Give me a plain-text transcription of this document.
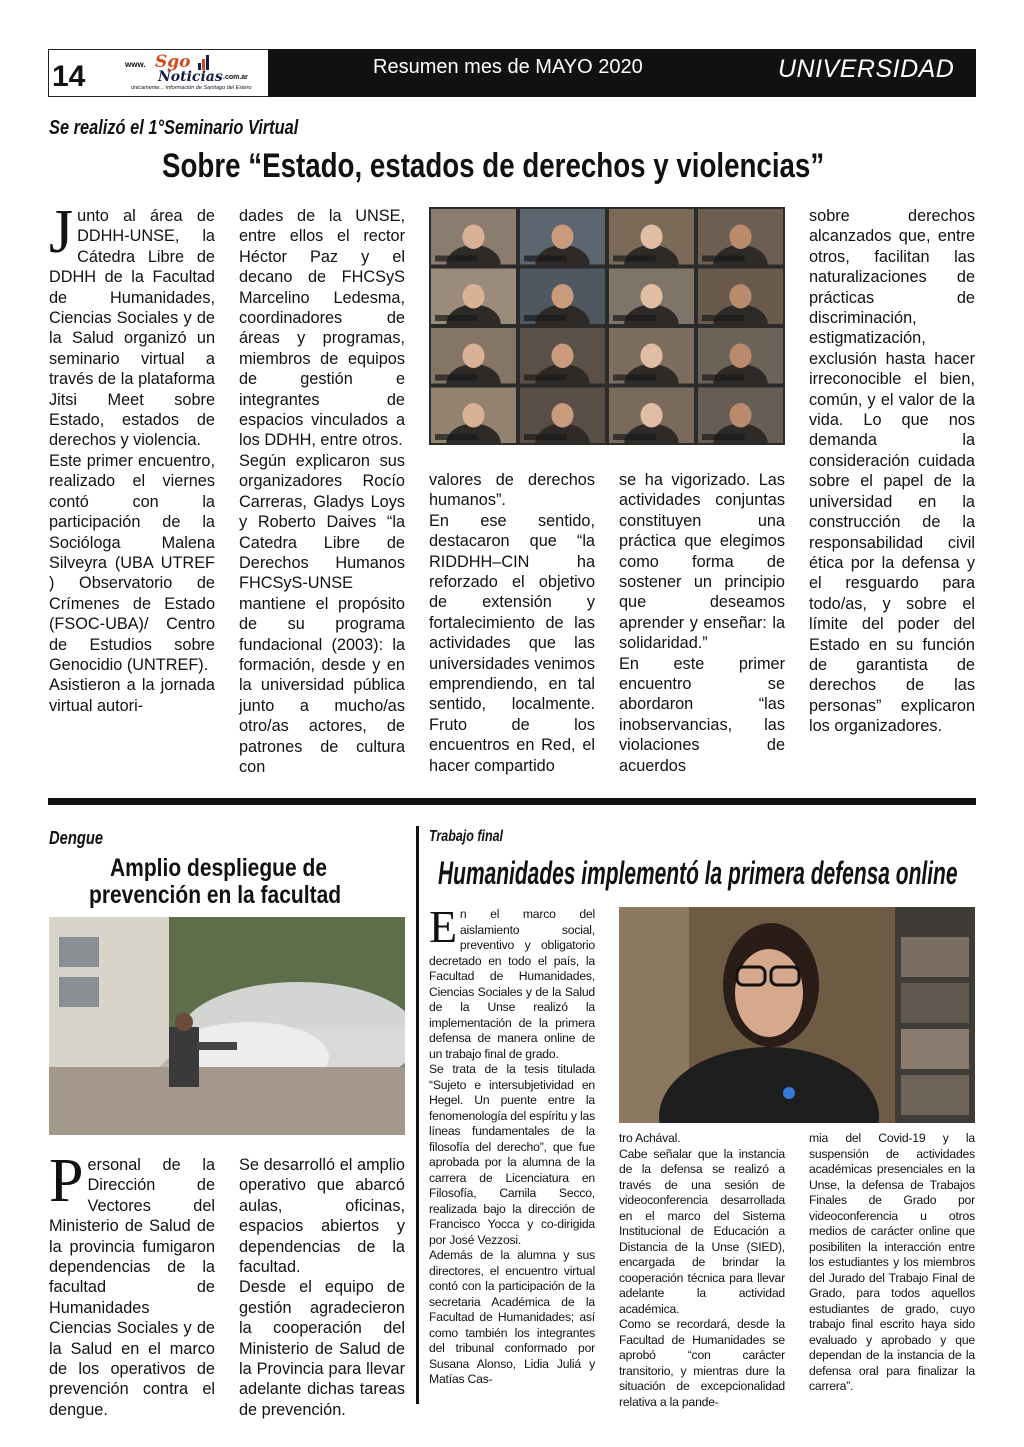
14	www. Sgo
Noticias .com.ar
únicamente... Información de Santiago del Estero
Resumen mes de MAYO 2020	UNIVERSIDAD
Se realizó el 1°Seminario Virtual
Sobre “Estado, estados de derechos y violencias”
J unto al área de DDHH-UNSE, la Cátedra Libre de DDHH de la Facultad de Humanidades, Ciencias Sociales y de la Salud organizó un seminario virtual a través de la plataforma Jitsi Meet sobre Estado, estados de derechos y violencia.

Este primer encuentro, realizado el viernes contó con la participación de la Socióloga Malena Silveyra (UBA UTREF ) Observatorio de Crímenes de Estado (FSOC-UBA)/ Centro de Estudios sobre Genocidio (UNTREF).

Asistieron a la jornada virtual autori-

dades de la UNSE, entre ellos el rector Héctor Paz y el decano de FHCSyS Marcelino Ledesma, coordinadores de áreas y programas, miembros de equipos de gestión e integrantes de espacios vinculados a los DDHH, entre otros.

Según explicaron sus organizadores Rocío Carreras, Gladys Loys y Roberto Daives “la Catedra Libre de Derechos Humanos FHCSyS-UNSE mantiene el propósito de su programa fundacional (2003): la formación, desde y en la universidad pública junto a mucho/as otro/as actores, de patrones de cultura con

valores de derechos humanos”.

En ese sentido, destacaron que “la RIDDHH–CIN ha reforzado el objetivo de extensión y fortalecimiento de las actividades que las universidades venimos emprendiendo, en tal sentido, localmente. Fruto de los encuentros en Red, el hacer compartido

se ha vigorizado. Las actividades conjuntas constituyen una práctica que elegimos como forma de sostener un principio que deseamos aprender y enseñar: la solidaridad.”

En este primer encuentro se abordaron “las inobservancias, las violaciones de acuerdos

sobre derechos alcanzados que, entre otros, facilitan las naturalizaciones de prácticas de discriminación, estigmatización, exclusión hasta hacer irreconocible el bien, común, y el valor de la vida. Lo que nos demanda la consideración cuidada sobre el papel de la universidad en la construcción de la responsabilidad civil ética por la defensa y el resguardo para todo/as, y sobre el límite del poder del Estado en su función de garantista de derechos de las personas” explicaron los organizadores.

Dengue
Amplio despliegue de
prevención en la facultad
P ersonal de la Dirección de Vectores del Ministerio de Salud de la provincia fumigaron dependencias de la facultad de Humanidades Ciencias Sociales y de la Salud en el marco de los operativos de prevención contra el dengue.

Se desarrolló el amplio operativo que abarcó aulas, oficinas, espacios abiertos y dependencias de la facultad.

Desde el equipo de gestión agradecieron la cooperación del Ministerio de Salud de la Provincia para llevar adelante dichas tareas de prevención.

Trabajo final
Humanidades implementó la primera defensa online
E n el marco del aislamiento social, preventivo y obligatorio decretado en todo el país, la Facultad de Humanidades, Ciencias Sociales y de la Salud de la Unse realizó la implementación de la primera defensa de manera online de un trabajo final de grado.

Se trata de la tesis titulada “Sujeto e intersubjetividad en Hegel. Un puente entre la fenomenología del espíritu y las líneas fundamentales de la filosofía del derecho”, que fue aprobada por la alumna de la carrera de Licenciatura en Filosofía, Camila Secco, realizada bajo la dirección de Francisco Yocca y co-dirigida por José Vezzosi.

Además de la alumna y sus directores, el encuentro virtual contó con la participación de la secretaria Académica de la Facultad de Humanidades; así como también los integrantes del tribunal conformado por Susana Alonso, Lidia Juliá y Matías Cas-

tro Achával.

Cabe señalar que la instancia de la defensa se realizó a través de una sesión de videoconferencia desarrollada en el marco del Sistema Institucional de Educación a Distancia de la Unse (SIED), encargada de brindar la cooperación técnica para llevar adelante la actividad académica.

Como se recordará, desde la Facultad de Humanidades se aprobó “con carácter transitorio, y mientras dure la situación de excepcionalidad relativa a la pande-

mia del Covid-19 y la suspensión de actividades académicas presenciales en la Unse, la defensa de Trabajos Finales de Grado por videoconferencia u otros medios de carácter online que posibiliten la interacción entre los estudiantes y los miembros del Jurado del Trabajo Final de Grado, para todos aquellos estudiantes de grado, cuyo trabajo final escrito haya sido evaluado y aprobado y que dependan de la instancia de la defensa oral para finalizar la carrera”.
